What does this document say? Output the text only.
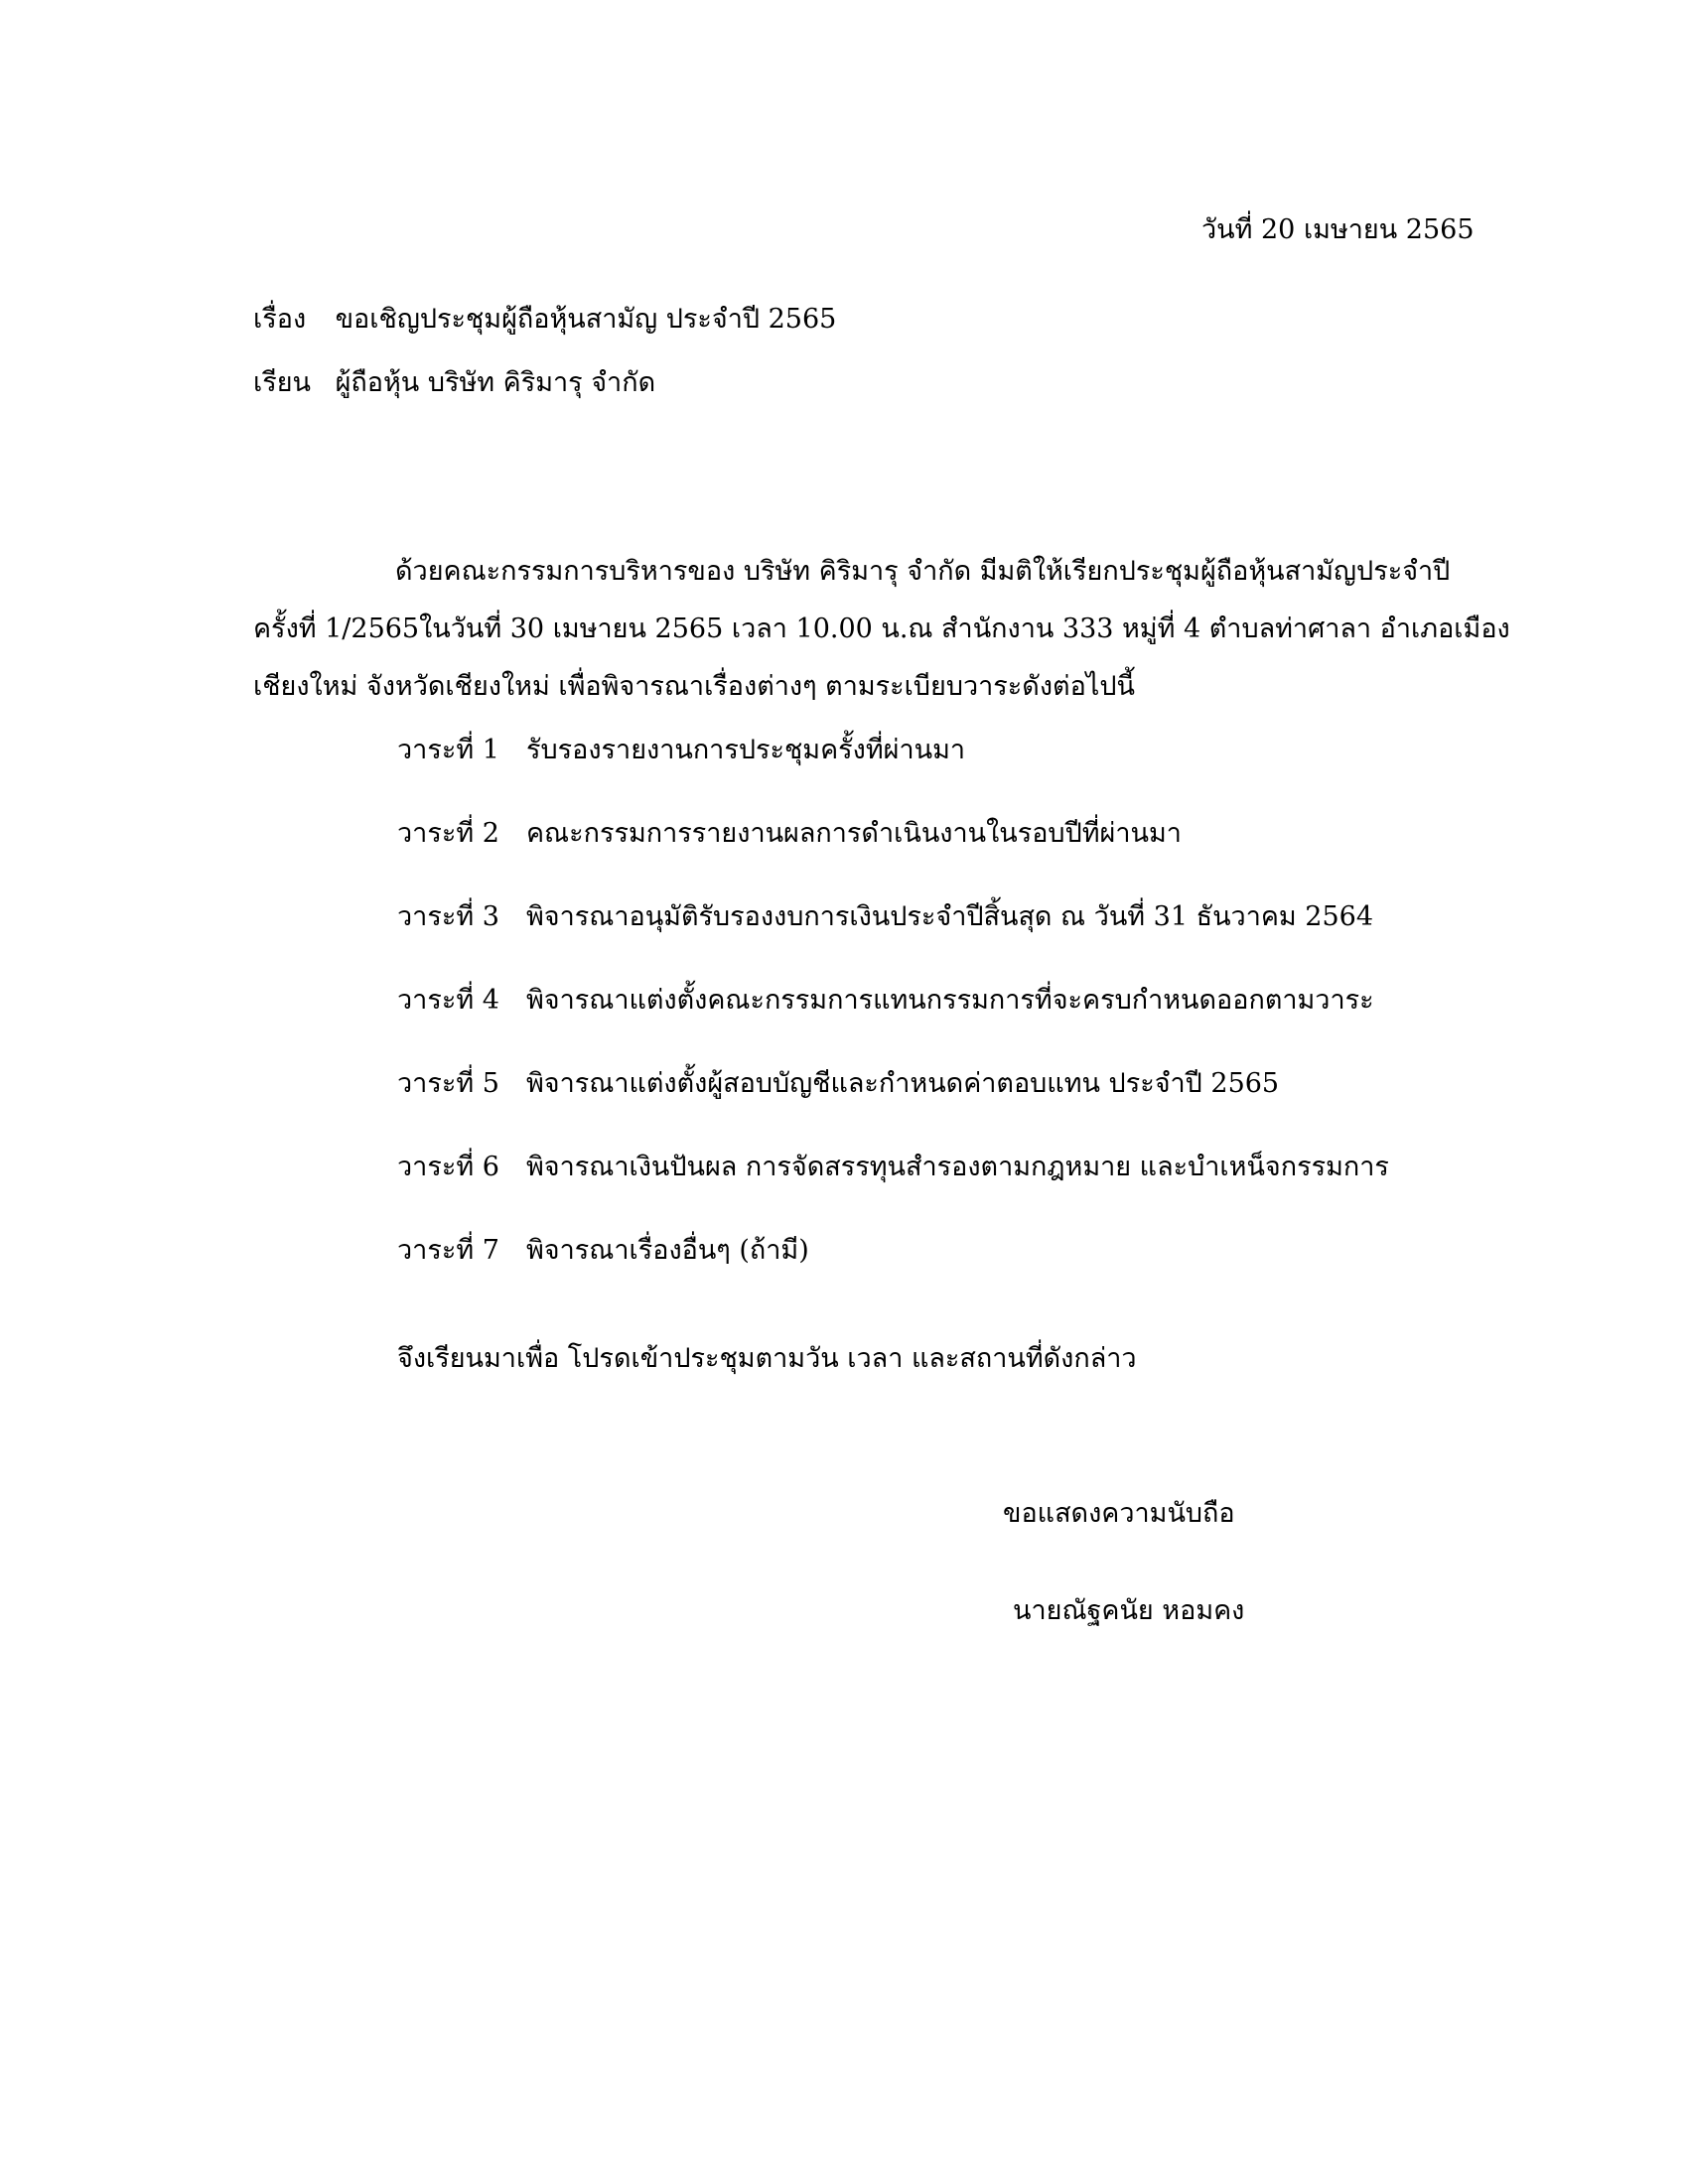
วันที่ 20 เมษายน 2565
เรื่อง ขอเชิญประชุมผู้ถือหุ้นสามัญ ประจำปี 2565
เรียน ผู้ถือหุ้น บริษัท คิริมารุ จำกัด
ด้วยคณะกรรมการบริหารของ บริษัท คิริมารุ จำกัด มีมติให้เรียกประชุมผู้ถือหุ้นสามัญประจำปี
ครั้งที่ 1/2565ในวันที่ 30 เมษายน 2565 เวลา 10.00 น.ณ สำนักงาน 333 หมู่ที่ 4 ตำบลท่าศาลา อำเภอเมือง
เชียงใหม่ จังหวัดเชียงใหม่ เพื่อพิจารณาเรื่องต่างๆ ตามระเบียบวาระดังต่อไปนี้
วาระที่ 1 รับรองรายงานการประชุมครั้งที่ผ่านมา
วาระที่ 2 คณะกรรมการรายงานผลการดำเนินงานในรอบปีที่ผ่านมา
วาระที่ 3 พิจารณาอนุมัติรับรองงบการเงินประจำปีสิ้นสุด ณ วันที่ 31 ธันวาคม 2564
วาระที่ 4 พิจารณาแต่งตั้งคณะกรรมการแทนกรรมการที่จะครบกำหนดออกตามวาระ
วาระที่ 5 พิจารณาแต่งตั้งผู้สอบบัญชีและกำหนดค่าตอบแทน ประจำปี 2565
วาระที่ 6 พิจารณาเงินปันผล การจัดสรรทุนสำรองตามกฎหมาย และบำเหน็จกรรมการ
วาระที่ 7 พิจารณาเรื่องอื่นๆ (ถ้ามี)
จึงเรียนมาเพื่อ โปรดเข้าประชุมตามวัน เวลา และสถานที่ดังกล่าว
ขอแสดงความนับถือ
นายณัฐคนัย หอมคง
